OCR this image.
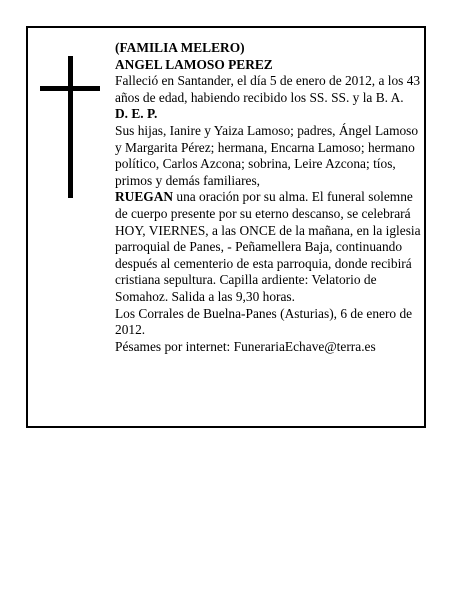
(FAMILIA MELERO)

ANGEL LAMOSO PEREZ

Falleció en Santander, el día 5 de enero de 2012, a los 43 años de edad, habiendo recibido los SS. SS. y la B. A.

D. E. P.

Sus hijas, Ianire y Yaiza Lamoso; padres, Ángel Lamoso y Margarita Pérez; hermana, Encarna Lamoso; hermano político, Carlos Azcona; sobrina, Leire Azcona; tíos, primos y demás familiares,

RUEGAN una oración por su alma. El funeral solemne de cuerpo presente por su eterno descanso, se celebrará HOY, VIERNES, a las ONCE de la mañana, en la iglesia parroquial de Panes, - Peñamellera Baja, continuando después al cementerio de esta parroquia, donde recibirá cristiana sepultura. Capilla ardiente: Velatorio de Somahoz. Salida a las 9,30 horas.

Los Corrales de Buelna-Panes (Asturias), 6 de enero de 2012.

Pésames por internet: FunerariaEchave@terra.es
